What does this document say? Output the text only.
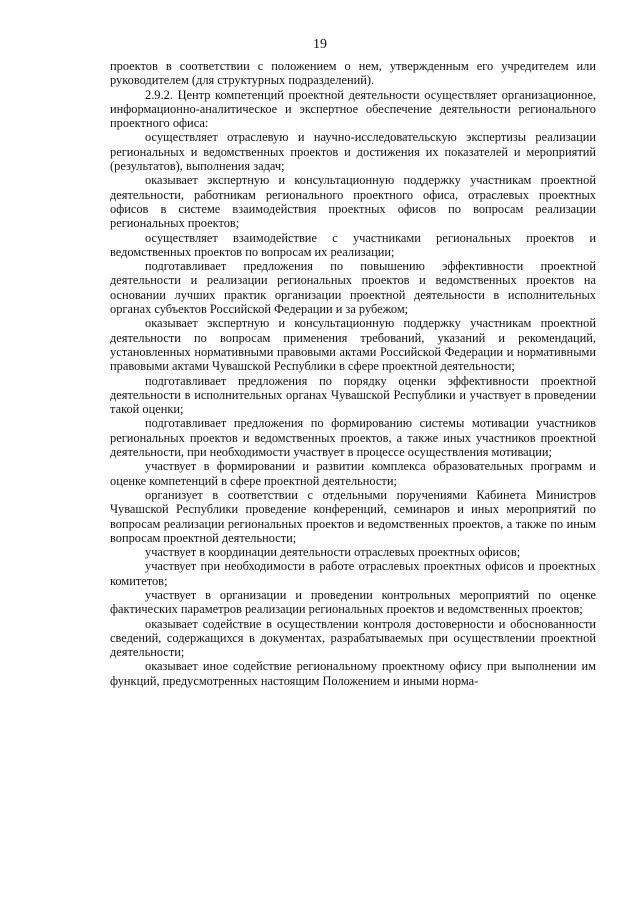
19

проектов в соответствии с положением о нем, утвержденным его учредителем или руководителем (для структурных подразделений).

2.9.2. Центр компетенций проектной деятельности осуществляет организационное, информационно-аналитическое и экспертное обеспечение деятельности регионального проектного офиса:

осуществляет отраслевую и научно-исследовательскую экспертизы реализации региональных и ведомственных проектов и достижения их показателей и мероприятий (результатов), выполнения задач;

оказывает экспертную и консультационную поддержку участникам проектной деятельности, работникам регионального проектного офиса, отраслевых проектных офисов в системе взаимодействия проектных офисов по вопросам реализации региональных проектов;

осуществляет взаимодействие с участниками региональных проектов и ведомственных проектов по вопросам их реализации;

подготавливает предложения по повышению эффективности проектной деятельности и реализации региональных проектов и ведомственных проектов на основании лучших практик организации проектной деятельности в исполнительных органах субъектов Российской Федерации и за рубежом;

оказывает экспертную и консультационную поддержку участникам проектной деятельности по вопросам применения требований, указаний и рекомендаций, установленных нормативными правовыми актами Российской Федерации и нормативными правовыми актами Чувашской Республики в сфере проектной деятельности;

подготавливает предложения по порядку оценки эффективности проектной деятельности в исполнительных органах Чувашской Республики и участвует в проведении такой оценки;

подготавливает предложения по формированию системы мотивации участников региональных проектов и ведомственных проектов, а также иных участников проектной деятельности, при необходимости участвует в процессе осуществления мотивации;

участвует в формировании и развитии комплекса образовательных программ и оценке компетенций в сфере проектной деятельности;

организует в соответствии с отдельными поручениями Кабинета Министров Чувашской Республики проведение конференций, семинаров и иных мероприятий по вопросам реализации региональных проектов и ведомственных проектов, а также по иным вопросам проектной деятельности;

участвует в координации деятельности отраслевых проектных офисов;

участвует при необходимости в работе отраслевых проектных офисов и проектных комитетов;

участвует в организации и проведении контрольных мероприятий по оценке фактических параметров реализации региональных проектов и ведомственных проектов;

оказывает содействие в осуществлении контроля достоверности и обоснованности сведений, содержащихся в документах, разрабатываемых при осуществлении проектной деятельности;

оказывает иное содействие региональному проектному офису при выполнении им функций, предусмотренных настоящим Положением и иными норма-
